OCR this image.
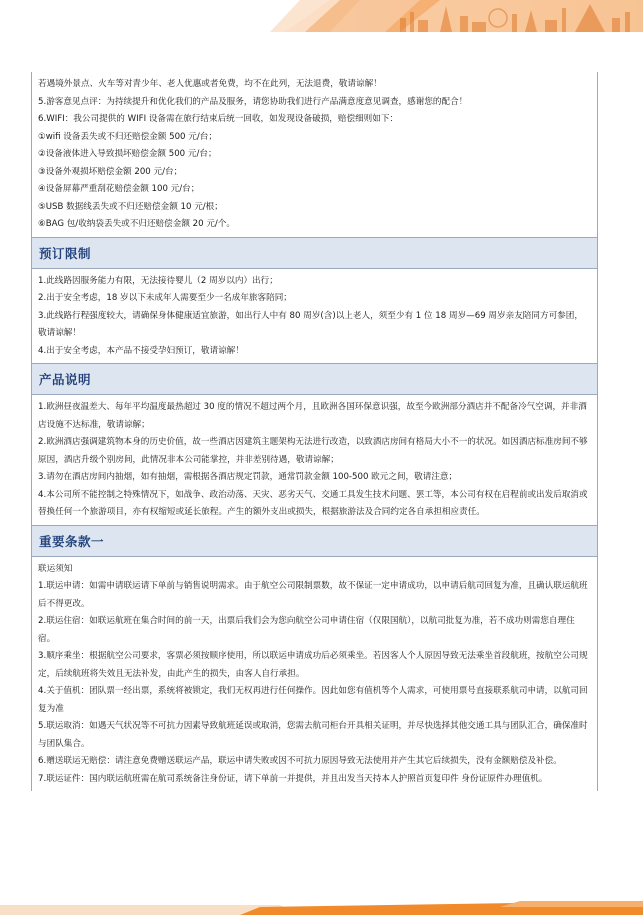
若遇境外景点、火车等对青少年、老人优惠或者免费，均不在此列，无法退费，敬请谅解！
5.游客意见点评：为持续提升和优化我们的产品及服务，请您协助我们进行产品满意度意见调查，感谢您的配合！
6.WIFI：我公司提供的 WIFI 设备需在旅行结束后统一回收，如发现设备破损，赔偿细则如下：
①wifi 设备丢失或不归还赔偿金额 500 元/台；
②设备液体进入导致损坏赔偿金额 500 元/台；
③设备外观损坏赔偿金额 200 元/台；
④设备屏幕严重刮花赔偿金额 100 元/台；
⑤USB 数据线丢失或不归还赔偿金额 10 元/根；
⑥BAG 包/收纳袋丢失或不归还赔偿金额 20 元/个。
预订限制
1.此线路因服务能力有限，无法接待婴儿（2 周岁以内）出行；
2.出于安全考虑，18 岁以下未成年人需要至少一名成年旅客陪同；
3.此线路行程强度较大，请确保身体健康适宜旅游，如出行人中有 80 周岁(含)以上老人，须至少有 1 位 18 周岁—69 周岁亲友陪同方可参团，敬请谅解！
4.出于安全考虑，本产品不接受孕妇预订，敬请谅解！
产品说明
1.欧洲昼夜温差大、每年平均温度最热超过 30 度的情况不超过两个月，且欧洲各国环保意识强，故至今欧洲部分酒店并不配备冷气空调，并非酒店设施不达标准，敬请谅解；
2.欧洲酒店强调建筑物本身的历史价值，故一些酒店因建筑主题架构无法进行改造，以致酒店房间有格局大小不一的状况。如因酒店标准房间不够原因，酒店升级个别房间，此情况非本公司能掌控，并非差别待遇，敬请谅解；
3.请勿在酒店房间内抽烟，如有抽烟，需根据各酒店规定罚款，通常罚款金额 100-500 欧元之间，敬请注意；
4.本公司所不能控制之特殊情况下，如战争、政治动荡、天灾、恶劣天气、交通工具发生技术问题、罢工等，本公司有权在启程前或出发后取消或替换任何一个旅游项目，亦有权缩短或延长旅程。产生的额外支出或损失，根据旅游法及合同约定各自承担相应责任。
重要条款一
联运须知
1.联运申请：如需申请联运请下单前与销售说明需求。由于航空公司限制票数，故不保证一定申请成功，以申请后航司回复为准，且确认联运航班后不得更改。
2.联运住宿：如联运航班在集合时间的前一天，出票后我们会为您向航空公司申请住宿（仅限国航），以航司批复为准，若不成功则需您自理住宿。
3.顺序乘坐：根据航空公司要求，客票必须按顺序使用，所以联运申请成功后必须乘坐。若因客人个人原因导致无法乘坐首段航班，按航空公司规定，后续航班将失效且无法补发，由此产生的损失，由客人自行承担。
4.关于值机：团队票一经出票，系统将被锁定，我们无权再进行任何操作。因此如您有值机等个人需求，可使用票号直接联系航司申请，以航司回复为准
5.联运取消：如遇天气状况等不可抗力因素导致航班延误或取消，您需去航司柜台开具相关证明，并尽快选择其他交通工具与团队汇合，确保准时与团队集合。
6.赠送联运无赔偿：请注意免费赠送联运产品，联运申请失败或因不可抗力原因导致无法使用并产生其它后续损失，没有金额赔偿及补偿。
7.联运证件：国内联运航班需在航司系统备注身份证，请下单前一并提供，并且出发当天持本人护照首页复印件 身份证原件办理值机。
